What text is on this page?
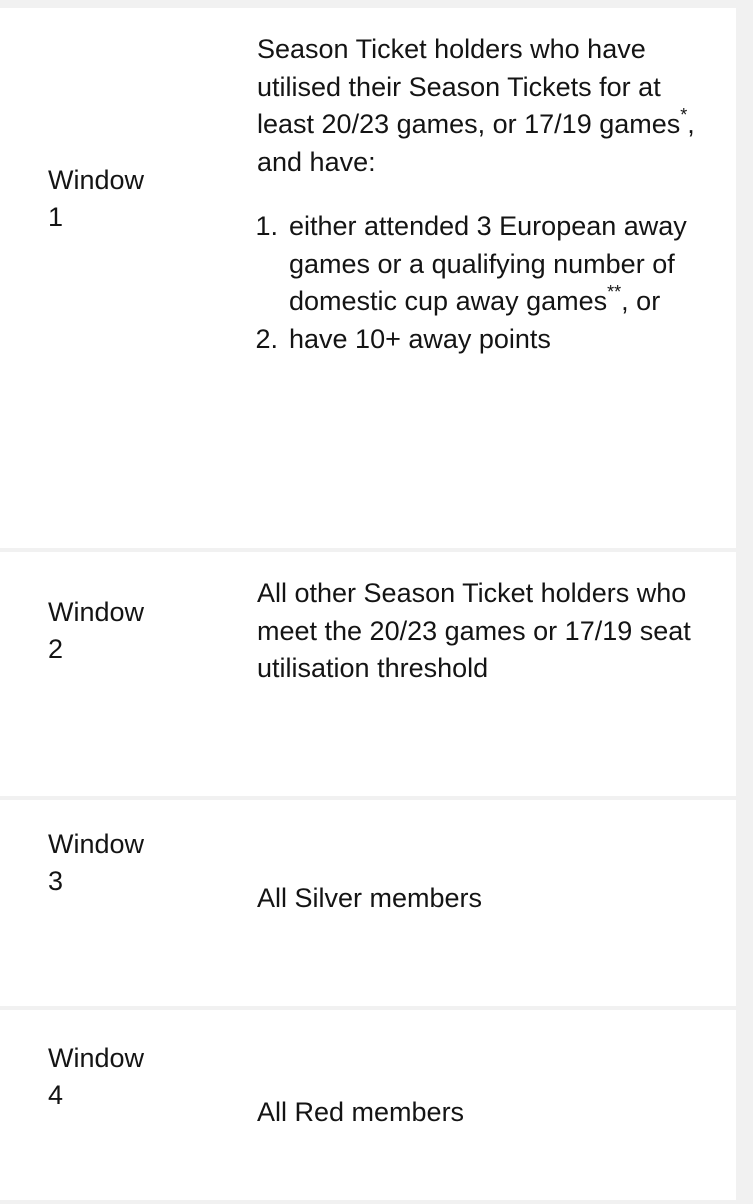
Window
1

Season Ticket holders who have utilised their Season Tickets for at least 20/23 games, or 17/19 games*, and have:

1. either attended 3 European away games or a qualifying number of domestic cup away games**, or
2. have 10+ away points
Window
2
All other Season Ticket holders who meet the 20/23 games or 17/19 seat utilisation threshold
Window
3
All Silver members
Window
4
All Red members
